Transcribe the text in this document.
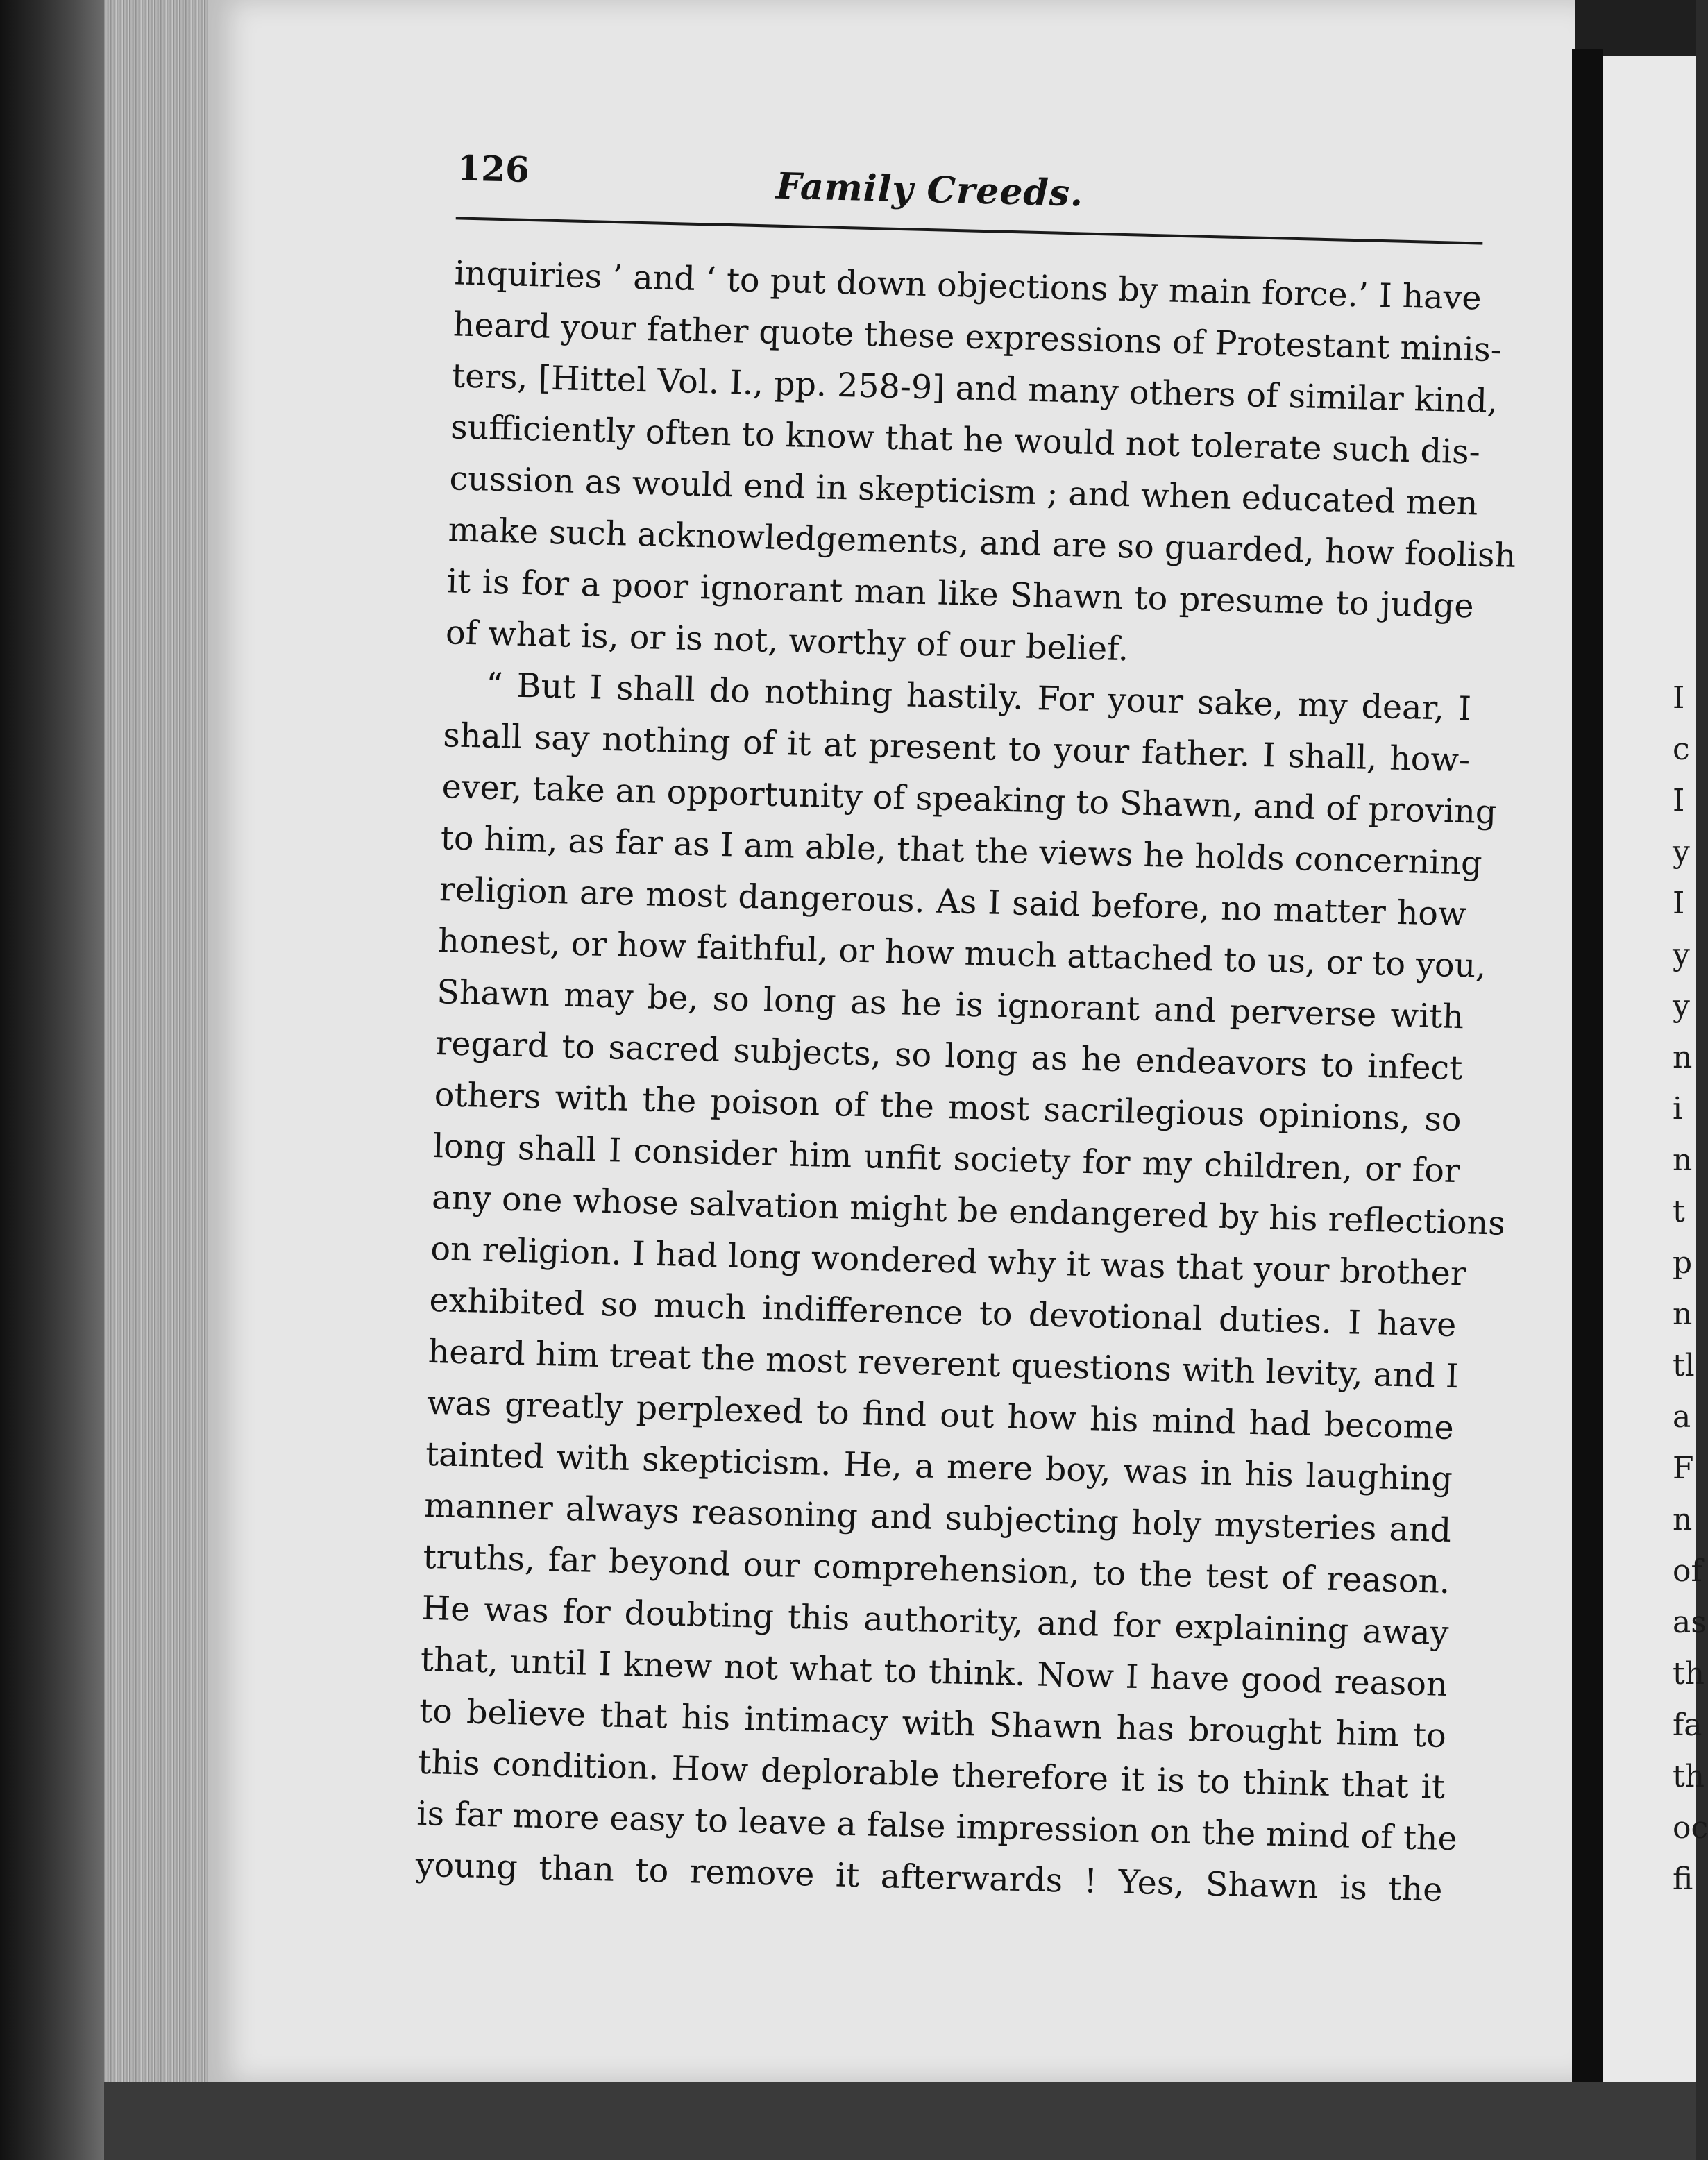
I
c
I
y
I
y
y
n
i
n
t
p
n
tl
a
F
n
of
as
th
fa
th
oc
fi
126	Family Creeds.
inquiries ’ and ‘ to put down objections by main force.’ I have
heard your father quote these expressions of Protestant minis-
ters, [Hittel Vol. I., pp. 258-9] and many others of similar kind,
sufficiently often to know that he would not tolerate such dis-
cussion as would end in skepticism ; and when educated men
make such acknowledgements, and are so guarded, how foolish
it is for a poor ignorant man like Shawn to presume to judge
of what is, or is not, worthy of our belief.
“ But I shall do nothing hastily. For your sake, my dear, I
shall say nothing of it at present to your father. I shall, how-
ever, take an opportunity of speaking to Shawn, and of proving
to him, as far as I am able, that the views he holds concerning
religion are most dangerous. As I said before, no matter how
honest, or how faithful, or how much attached to us, or to you,
Shawn may be, so long as he is ignorant and perverse with
regard to sacred subjects, so long as he endeavors to infect
others with the poison of the most sacrilegious opinions, so
long shall I consider him unfit society for my children, or for
any one whose salvation might be endangered by his reflections
on religion. I had long wondered why it was that your brother
exhibited so much indifference to devotional duties. I have
heard him treat the most reverent questions with levity, and I
was greatly perplexed to find out how his mind had become
tainted with skepticism. He, a mere boy, was in his laughing
manner always reasoning and subjecting holy mysteries and
truths, far beyond our comprehension, to the test of reason.
He was for doubting this authority, and for explaining away
that, until I knew not what to think. Now I have good reason
to believe that his intimacy with Shawn has brought him to
this condition. How deplorable therefore it is to think that it
is far more easy to leave a false impression on the mind of the
young than to remove it afterwards ! Yes, Shawn is the
